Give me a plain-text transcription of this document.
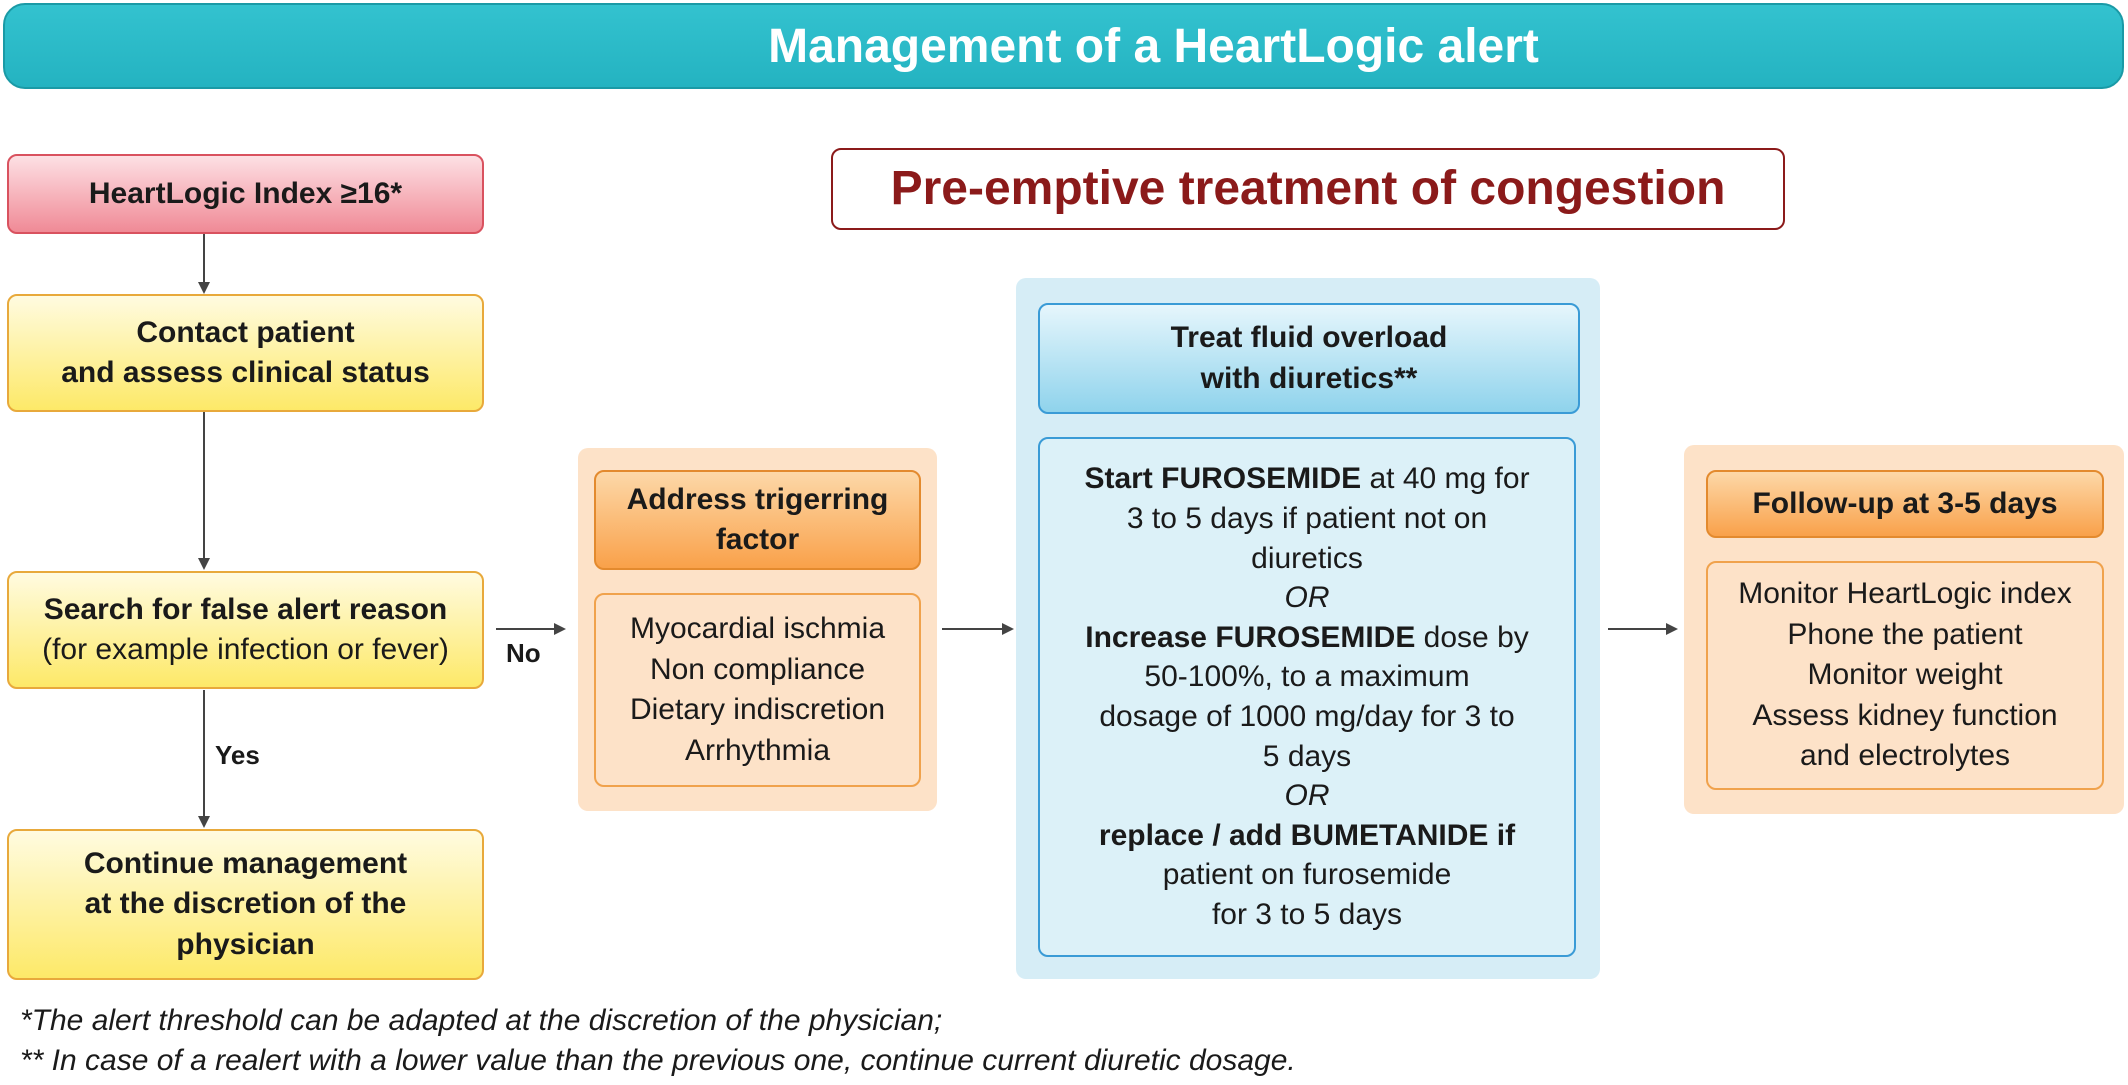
Management of a HeartLogic alert
Pre-emptive treatment of congestion
No
Yes
HeartLogic Index ≥16*
Contact patient
and assess clinical status
Search for false alert reason
(for example infection or fever)
Continue management
at the discretion of the
physician
Address trigerring
factor
Myocardial ischmia
Non compliance
Dietary indiscretion
Arrhythmia
Treat fluid overload
with diuretics**
Start FUROSEMIDE at 40 mg for
3 to 5 days if patient not on
diuretics
OR
Increase FUROSEMIDE dose by
50-100%, to a maximum
dosage of 1000 mg/day for 3 to
5 days
OR
replace / add BUMETANIDE if
patient on furosemide
for 3 to 5 days
Follow-up at 3-5 days
Monitor HeartLogic index
Phone the patient
Monitor weight
Assess kidney function
and electrolytes
*The alert threshold can be adapted at the discretion of the physician;
** In case of a realert with a lower value than the previous one, continue current diuretic dosage.
